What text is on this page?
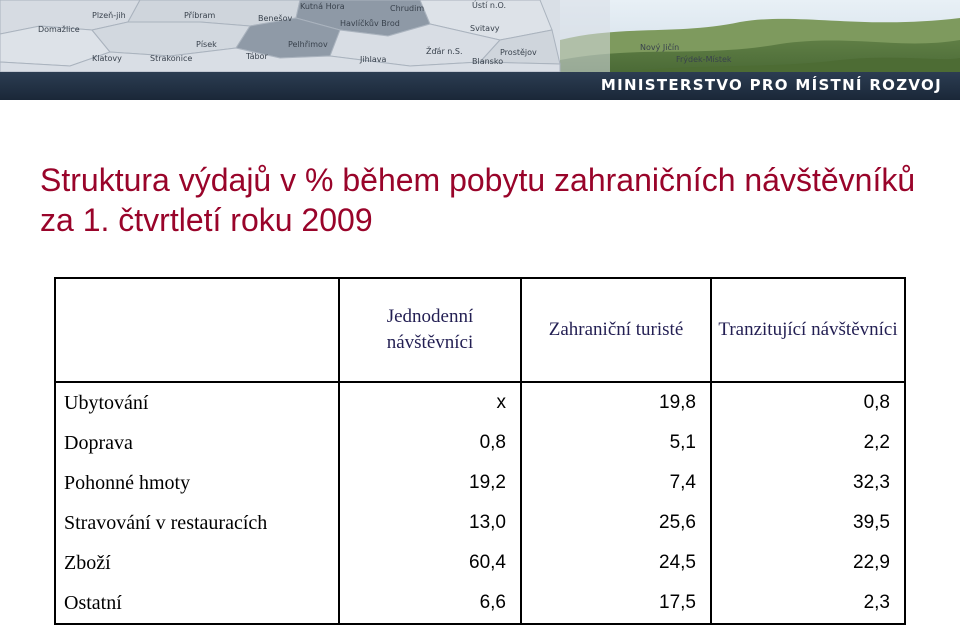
Plzeň-jih	Příbram
Kutná Hora	Chrudim	Ústí n.O.
Domažlice
Benešov
Havlíčkův Brod
Svitavy
Písek	Pelhřimov
Klatovy	Strakonice	Tábor	Jihlava
Žďár n.S.
Blansko
Prostějov
Nový Jičín
Frýdek-Místek
MINISTERSTVO PRO MÍSTNÍ ROZVOJ
Struktura výdajů v % během pobytu zahraničních návštěvníků za 1. čtvrtletí roku 2009
	Jednodenní návštěvníci	Zahraniční turisté	Tranzitující návštěvníci
Ubytování	x	19,8	0,8
Doprava	0,8	5,1	2,2
Pohonné hmoty	19,2	7,4	32,3
Stravování v restauracích	13,0	25,6	39,5
Zboží	60,4	24,5	22,9
Ostatní	6,6	17,5	2,3
